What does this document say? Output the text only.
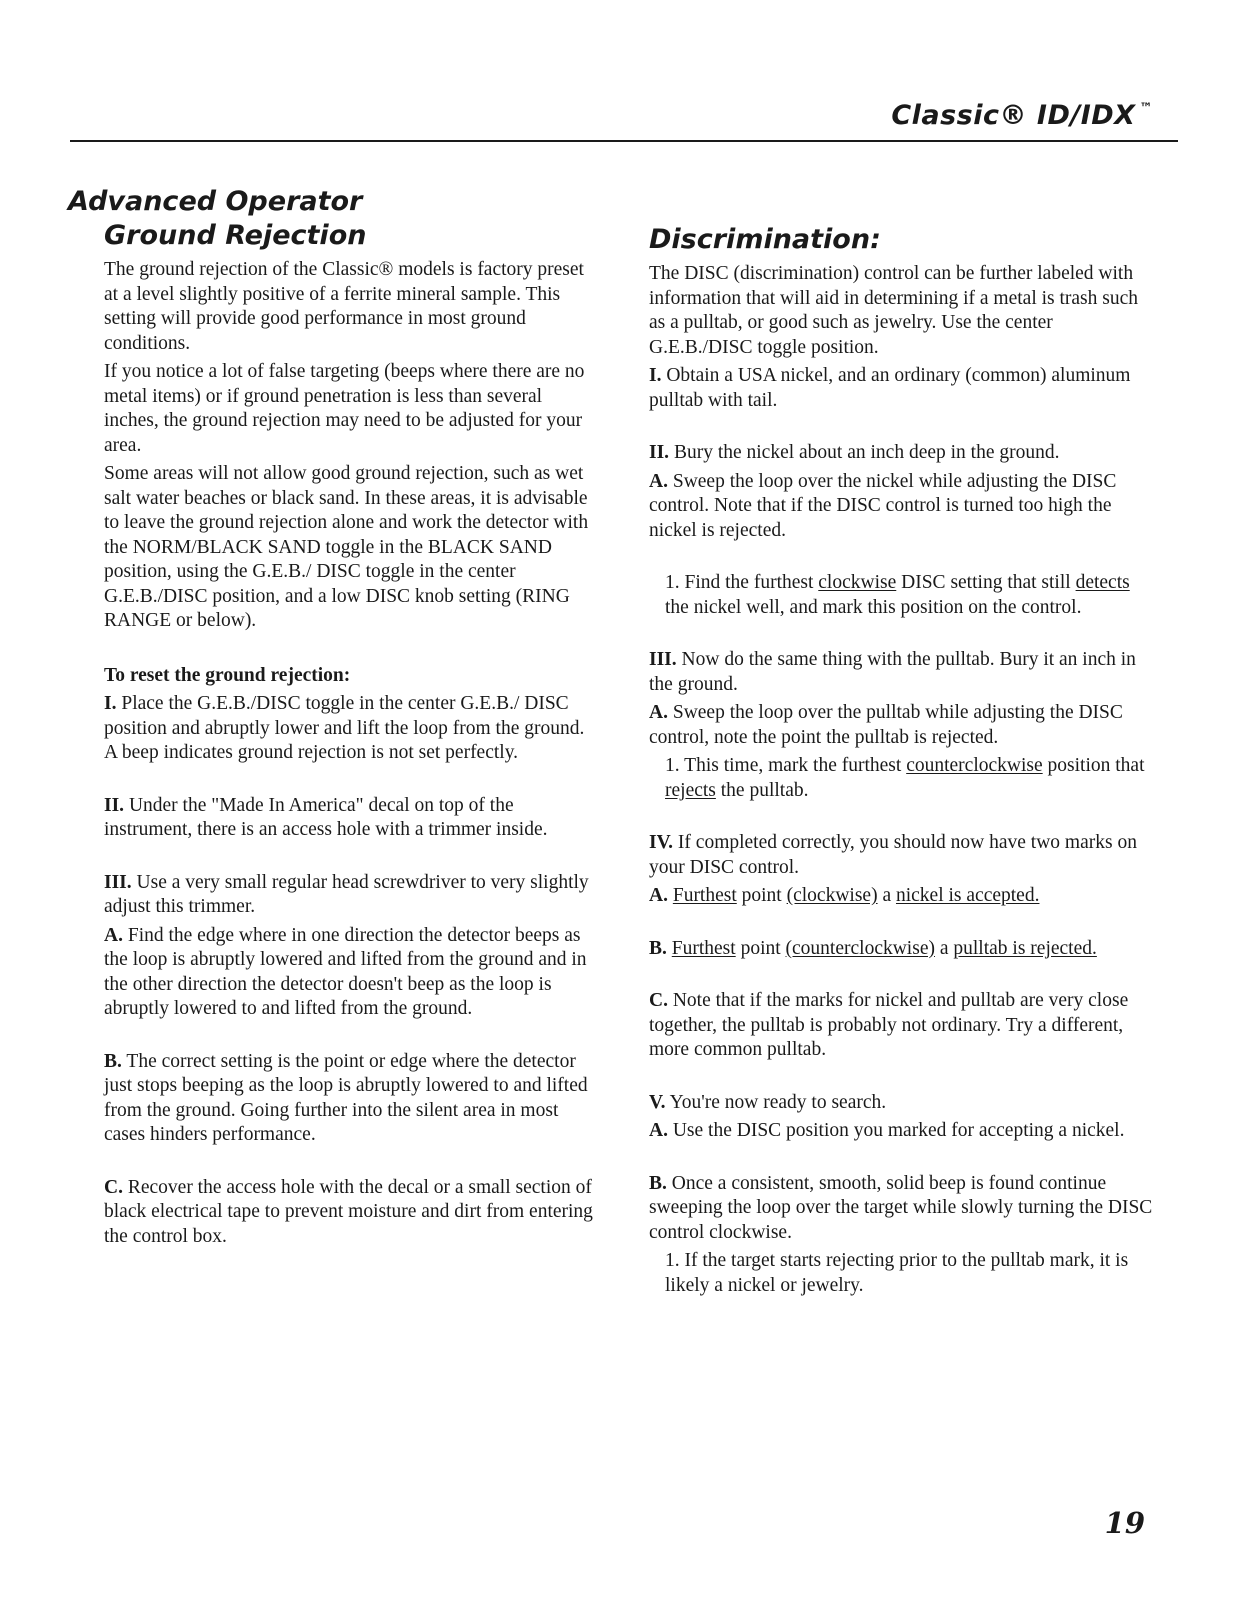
Classic® ID/IDX ™
Advanced Operator
Ground Rejection

The ground rejection of the Classic® models is factory preset at a level slightly positive of a ferrite mineral sample. This setting will provide good performance in most ground conditions.

If you notice a lot of false targeting (beeps where there are no metal items) or if ground penetration is less than several inches, the ground rejection may need to be adjusted for your area.

Some areas will not allow good ground rejection, such as wet salt water beaches or black sand. In these areas, it is advisable to leave the ground rejection alone and work the detector with the NORM/BLACK SAND toggle in the BLACK SAND position, using the G.E.B./ DISC toggle in the center G.E.B./DISC position, and a low DISC knob setting (RING RANGE or below).

To reset the ground rejection:

I. Place the G.E.B./DISC toggle in the center G.E.B./ DISC position and abruptly lower and lift the loop from the ground. A beep indicates ground rejection is not set perfectly.

II. Under the "Made In America" decal on top of the instrument, there is an access hole with a trimmer inside.

III. Use a very small regular head screwdriver to very slightly adjust this trimmer.

A. Find the edge where in one direction the detector beeps as the loop is abruptly lowered and lifted from the ground and in the other direction the detector doesn't beep as the loop is abruptly lowered to and lifted from the ground.

B. The correct setting is the point or edge where the detector just stops beeping as the loop is abruptly lowered to and lifted from the ground. Going further into the silent area in most cases hinders performance.

C. Recover the access hole with the decal or a small section of black electrical tape to prevent moisture and dirt from entering the control box.

Discrimination:

The DISC (discrimination) control can be further labeled with information that will aid in determining if a metal is trash such as a pulltab, or good such as jewelry. Use the center G.E.B./DISC toggle position.

I. Obtain a USA nickel, and an ordinary (common) aluminum pulltab with tail.

II. Bury the nickel about an inch deep in the ground.

A. Sweep the loop over the nickel while adjusting the DISC control. Note that if the DISC control is turned too high the nickel is rejected.

1. Find the furthest clockwise DISC setting that still detects the nickel well, and mark this position on the control.

III. Now do the same thing with the pulltab. Bury it an inch in the ground.

A. Sweep the loop over the pulltab while adjusting the DISC control, note the point the pulltab is rejected.

1. This time, mark the furthest counterclockwise position that rejects the pulltab.

IV. If completed correctly, you should now have two marks on your DISC control.

A. Furthest point (clockwise) a nickel is accepted.

B. Furthest point (counterclockwise) a pulltab is rejected.

C. Note that if the marks for nickel and pulltab are very close together, the pulltab is probably not ordinary. Try a different, more common pulltab.

V. You're now ready to search.

A. Use the DISC position you marked for accepting a nickel.

B. Once a consistent, smooth, solid beep is found continue sweeping the loop over the target while slowly turning the DISC control clockwise.

1. If the target starts rejecting prior to the pulltab mark, it is likely a nickel or jewelry.

19
